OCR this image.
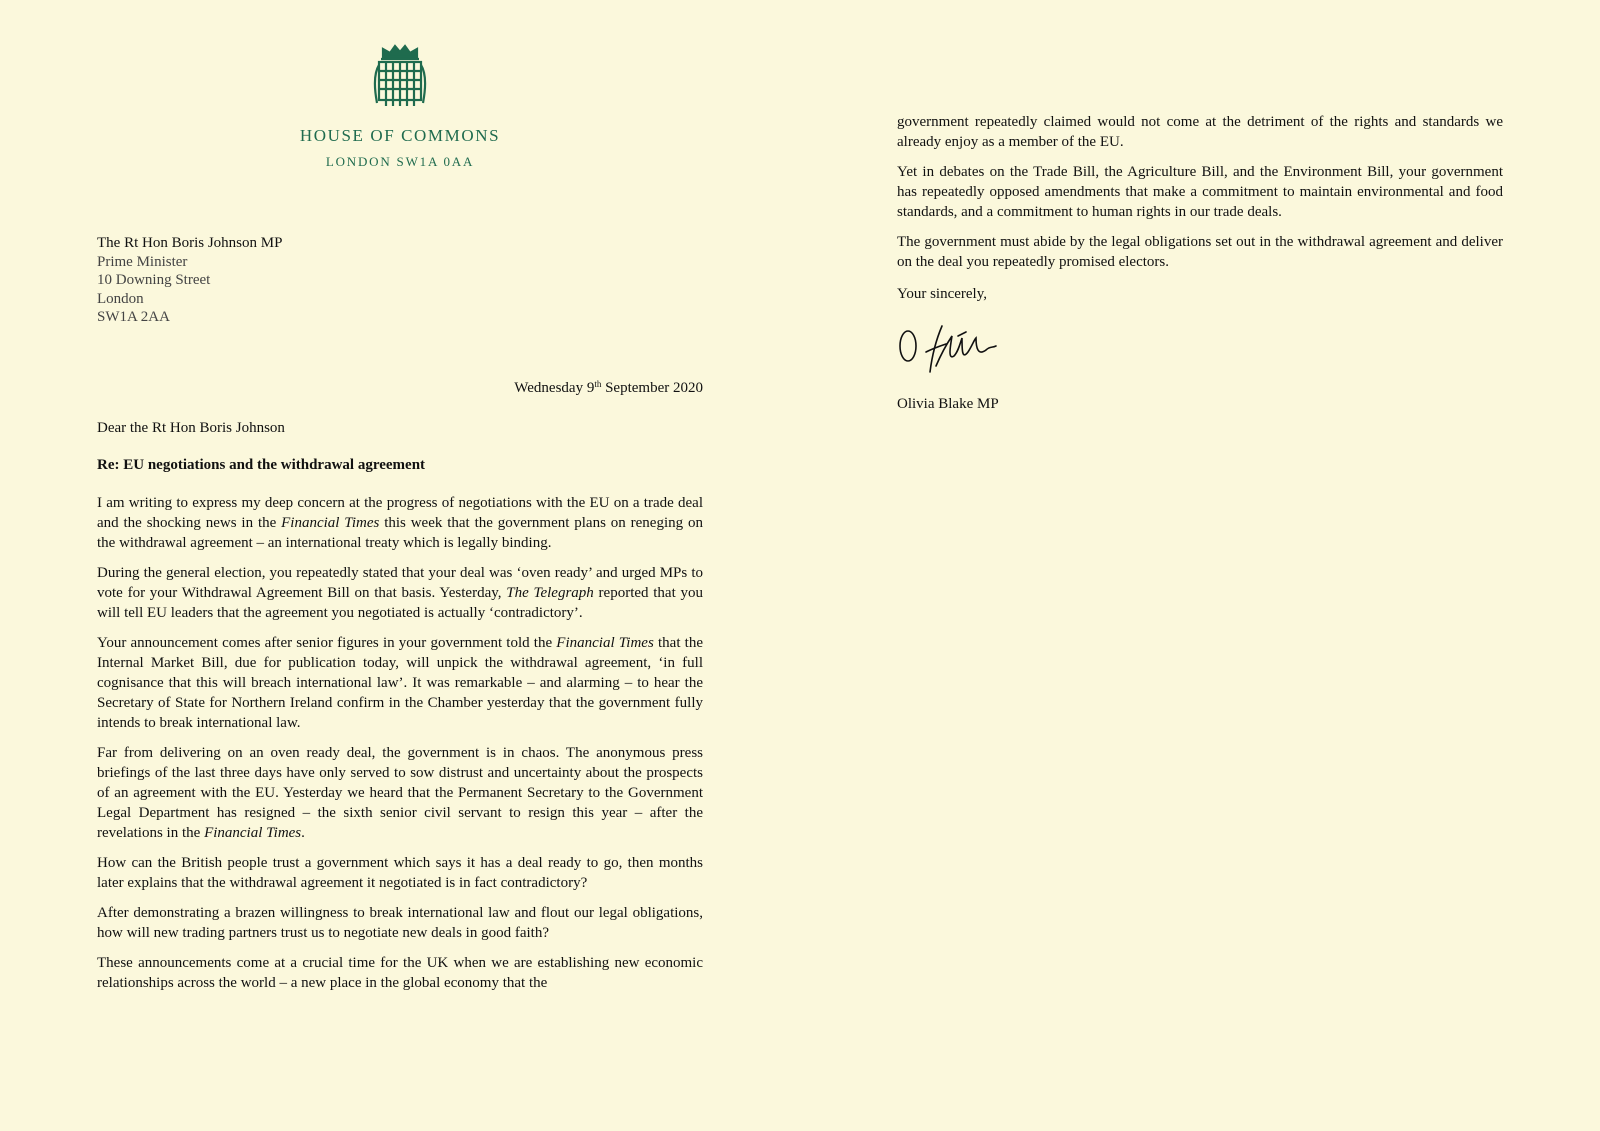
HOUSE OF COMMONS
LONDON SW1A 0AA
The Rt Hon Boris Johnson MP
Prime Minister
10 Downing Street
London
SW1A 2AA
Wednesday 9th September 2020
Dear the Rt Hon Boris Johnson
Re: EU negotiations and the withdrawal agreement

I am writing to express my deep concern at the progress of negotiations with the EU on a trade deal and the shocking news in the Financial Times this week that the government plans on reneging on the withdrawal agreement – an international treaty which is legally binding.

During the general election, you repeatedly stated that your deal was ‘oven ready’ and urged MPs to vote for your Withdrawal Agreement Bill on that basis. Yesterday, The Telegraph reported that you will tell EU leaders that the agreement you negotiated is actually ‘contradictory’.

Your announcement comes after senior figures in your government told the Financial Times that the Internal Market Bill, due for publication today, will unpick the withdrawal agreement, ‘in full cognisance that this will breach international law’. It was remarkable – and alarming – to hear the Secretary of State for Northern Ireland confirm in the Chamber yesterday that the government fully intends to break international law.

Far from delivering on an oven ready deal, the government is in chaos. The anonymous press briefings of the last three days have only served to sow distrust and uncertainty about the prospects of an agreement with the EU. Yesterday we heard that the Permanent Secretary to the Government Legal Department has resigned – the sixth senior civil servant to resign this year – after the revelations in the Financial Times.

How can the British people trust a government which says it has a deal ready to go, then months later explains that the withdrawal agreement it negotiated is in fact contradictory?

After demonstrating a brazen willingness to break international law and flout our legal obligations, how will new trading partners trust us to negotiate new deals in good faith?

These announcements come at a crucial time for the UK when we are establishing new economic relationships across the world – a new place in the global economy that the

government repeatedly claimed would not come at the detriment of the rights and standards we already enjoy as a member of the EU.

Yet in debates on the Trade Bill, the Agriculture Bill, and the Environment Bill, your government has repeatedly opposed amendments that make a commitment to maintain environmental and food standards, and a commitment to human rights in our trade deals.

The government must abide by the legal obligations set out in the withdrawal agreement and deliver on the deal you repeatedly promised electors.

Your sincerely,
Olivia Blake MP
